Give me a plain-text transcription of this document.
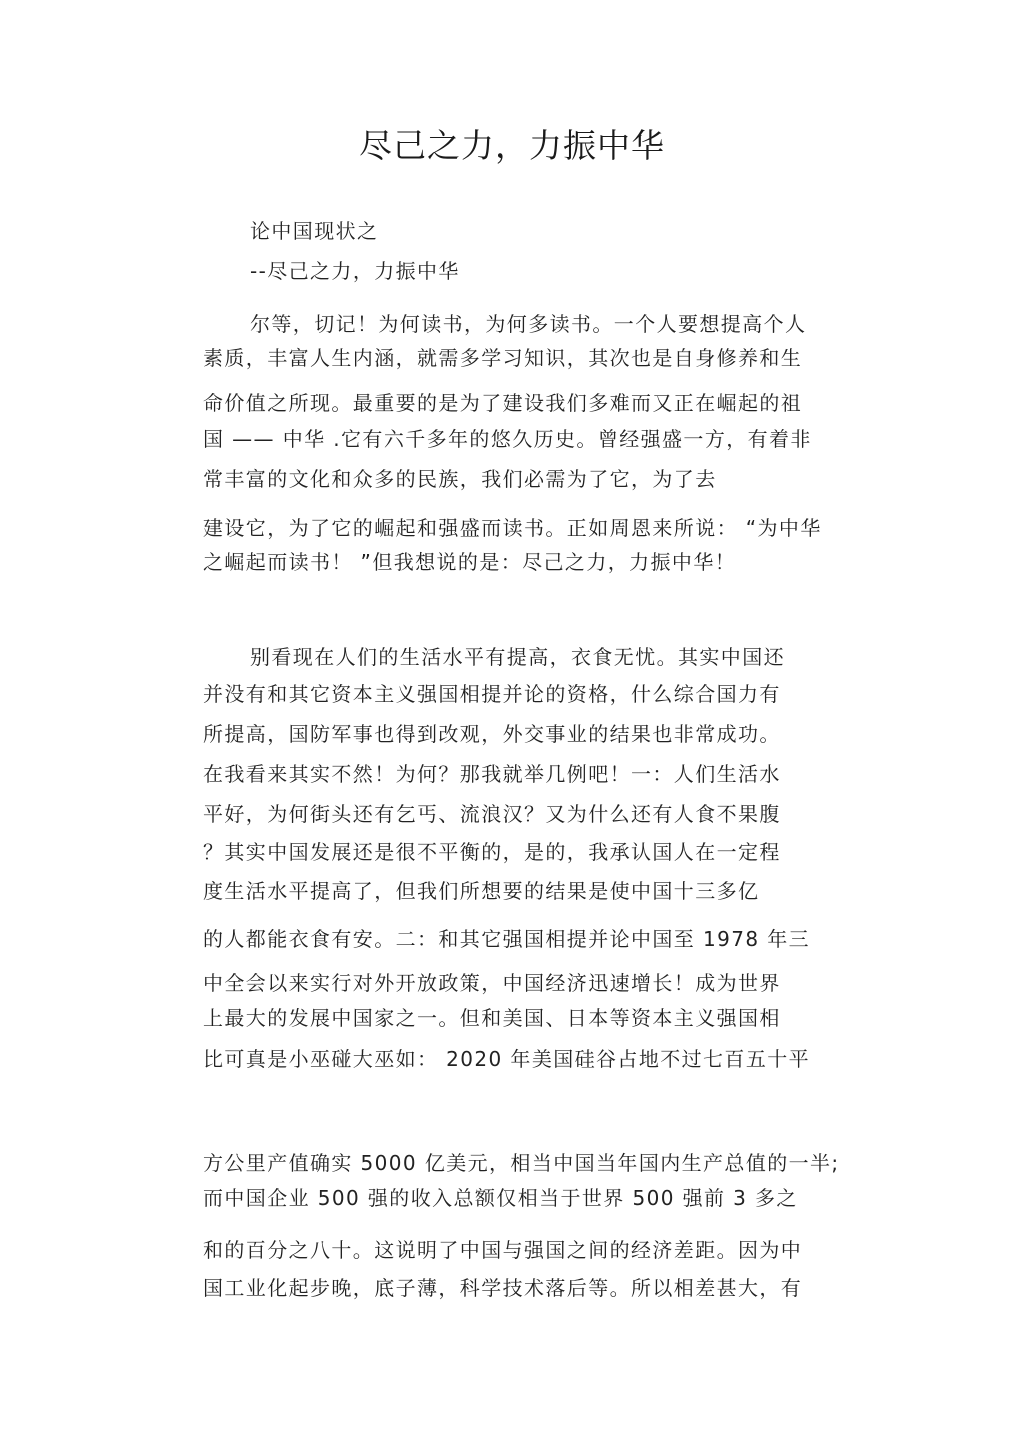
尽己之力，力振中华
论中国现状之
--尽己之力，力振中华
尔等，切记！为何读书，为何多读书。一个人要想提高个人
素质，丰富人生内涵，就需多学习知识，其次也是自身修养和生
命价值之所现。最重要的是为了建设我们多难而又正在崛起的祖
国 —— 中华 .它有六千多年的悠久历史。曾经强盛一方，有着非
常丰富的文化和众多的民族，我们必需为了它，为了去
建设它，为了它的崛起和强盛而读书。正如周恩来所说： “为中华
之崛起而读书！ ”但我想说的是：尽己之力，力振中华！
别看现在人们的生活水平有提高，衣食无忧。其实中国还
并没有和其它资本主义强国相提并论的资格，什么综合国力有
所提高，国防军事也得到改观，外交事业的结果也非常成功。
在我看来其实不然！为何？那我就举几例吧！一：人们生活水
平好，为何街头还有乞丐、流浪汉？又为什么还有人食不果腹
？其实中国发展还是很不平衡的，是的，我承认国人在一定程
度生活水平提高了，但我们所想要的结果是使中国十三多亿
的人都能衣食有安。二：和其它强国相提并论中国至 1978 年三
中全会以来实行对外开放政策，中国经济迅速增长！成为世界
上最大的发展中国家之一。但和美国、日本等资本主义强国相
比可真是小巫碰大巫如： 2020 年美国硅谷占地不过七百五十平
方公里产值确实 5000 亿美元，相当中国当年国内生产总值的一半;
而中国企业 500 强的收入总额仅相当于世界 500 强前 3 多之
和的百分之八十。这说明了中国与强国之间的经济差距。因为中
国工业化起步晚，底子薄，科学技术落后等。所以相差甚大，有
